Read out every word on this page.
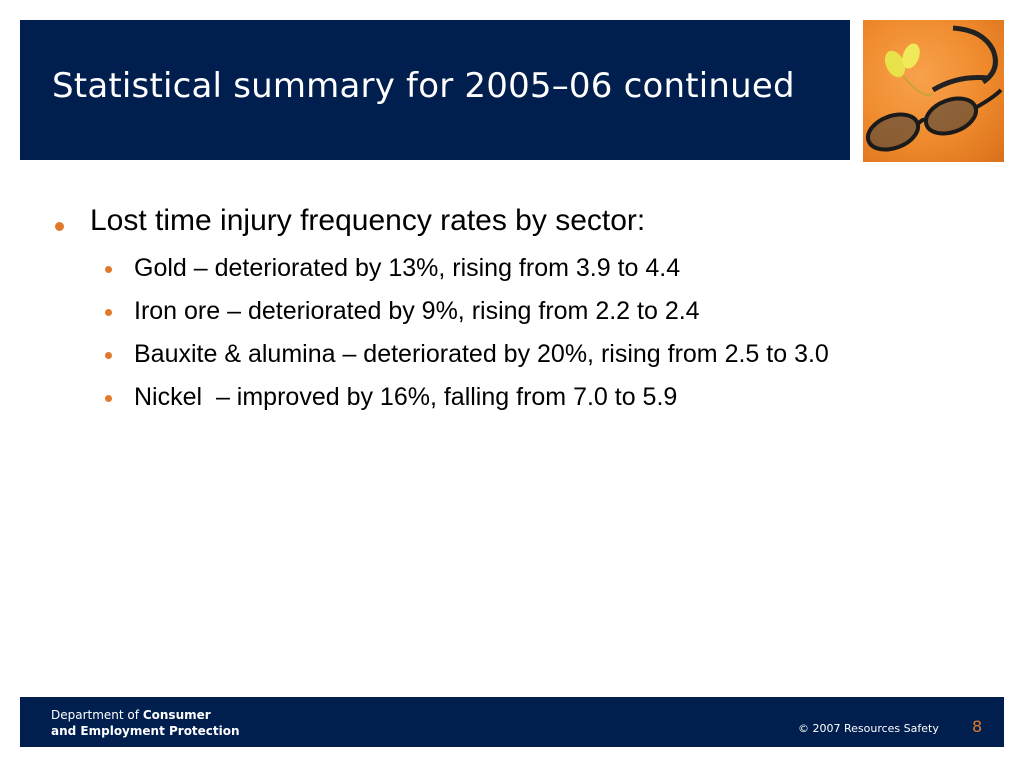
Statistical summary for 2005–06 continued
Lost time injury frequency rates by sector:
Gold – deteriorated by 13%, rising from 3.9 to 4.4
Iron ore – deteriorated by 9%, rising from 2.2 to 2.4
Bauxite & alumina – deteriorated by 20%, rising from 2.5 to 3.0
Nickel  – improved by 16%, falling from 7.0 to 5.9
Department of Consumer
and Employment Protection	© 2007 Resources Safety 8
